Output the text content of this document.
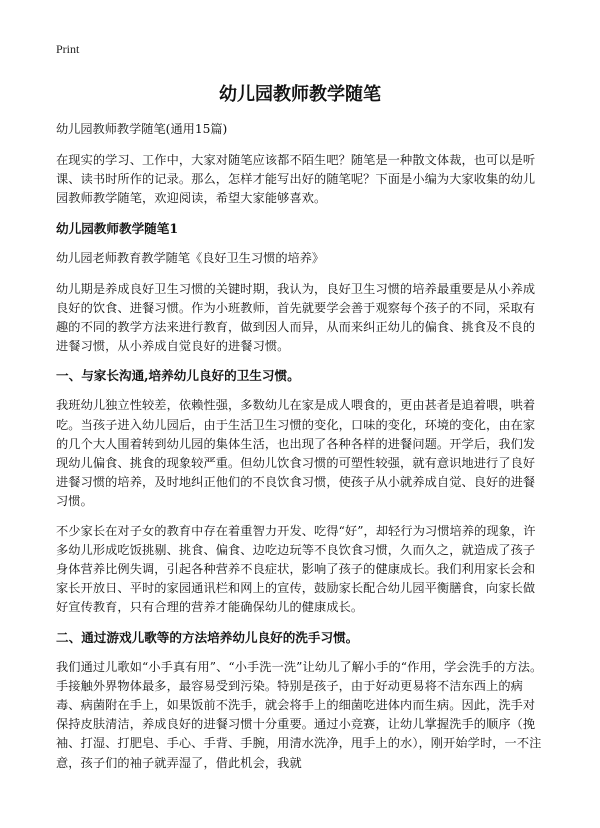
Print
幼儿园教师教学随笔

幼儿园教师教学随笔(通用15篇)

在现实的学习、工作中，大家对随笔应该都不陌生吧？随笔是一种散文体裁，也可以是听课、读书时所作的记录。那么，怎样才能写出好的随笔呢？下面是小编为大家收集的幼儿园教师教学随笔，欢迎阅读，希望大家能够喜欢。

幼儿园教师教学随笔1

幼儿园老师教育教学随笔《良好卫生习惯的培养》

幼儿期是养成良好卫生习惯的关键时期，我认为，良好卫生习惯的培养最重要是从小养成良好的饮食、进餐习惯。作为小班教师，首先就要学会善于观察每个孩子的不同，采取有趣的不同的教学方法来进行教育，做到因人而异，从而来纠正幼儿的偏食、挑食及不良的进餐习惯，从小养成自觉良好的进餐习惯。

一、与家长沟通,培养幼儿良好的卫生习惯。

我班幼儿独立性较差，依赖性强，多数幼儿在家是成人喂食的，更由甚者是追着喂，哄着吃。当孩子进入幼儿园后，由于生活卫生习惯的变化，口味的变化，环境的变化，由在家的几个大人围着转到幼儿园的集体生活，也出现了各种各样的进餐问题。开学后，我们发现幼儿偏食、挑食的现象较严重。但幼儿饮食习惯的可塑性较强，就有意识地进行了良好进餐习惯的培养，及时地纠正他们的不良饮食习惯，使孩子从小就养成自觉、良好的进餐习惯。

不少家长在对子女的教育中存在着重智力开发、吃得“好”，却轻行为习惯培养的现象，许多幼儿形成吃饭挑剔、挑食、偏食、边吃边玩等不良饮食习惯，久而久之，就造成了孩子身体营养比例失调，引起各种营养不良症状，影响了孩子的健康成长。我们利用家长会和家长开放日、平时的家园通讯栏和网上的宣传，鼓励家长配合幼儿园平衡膳食，向家长做好宣传教育，只有合理的营养才能确保幼儿的健康成长。

二、通过游戏儿歌等的方法培养幼儿良好的洗手习惯。

我们通过儿歌如“小手真有用”、“小手洗一洗”让幼儿了解小手的“作用，学会洗手的方法。手接触外界物体最多，最容易受到污染。特别是孩子，由于好动更易将不洁东西上的病毒、病菌附在手上，如果饭前不洗手，就会将手上的细菌吃进体内而生病。因此，洗手对保持皮肤清洁，养成良好的进餐习惯十分重要。通过小竞赛，让幼儿掌握洗手的顺序（挽袖、打湿、打肥皂、手心、手背、手腕，用清水洗净，甩手上的水），刚开始学时，一不注意，孩子们的袖子就弄湿了，借此机会，我就
